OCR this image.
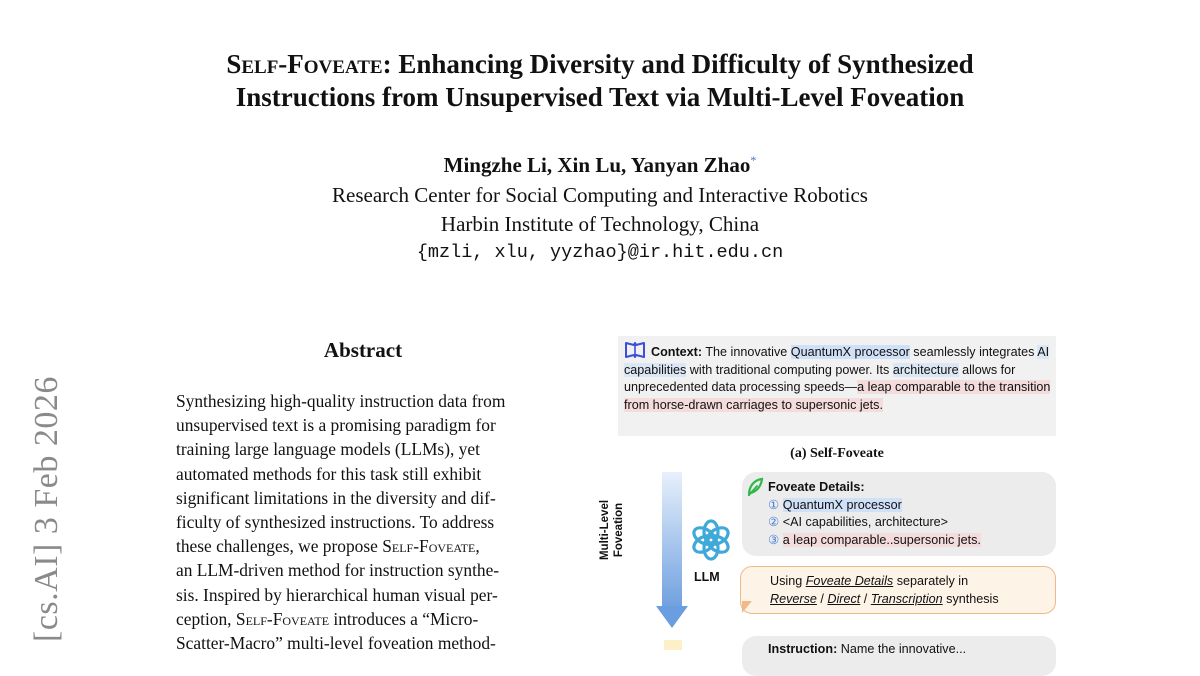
[cs.AI] 3 Feb 2026
Self-Foveate: Enhancing Diversity and Difficulty of Synthesized
Instructions from Unsupervised Text via Multi-Level Foveation
Mingzhe Li, Xin Lu, Yanyan Zhao*
Research Center for Social Computing and Interactive Robotics
Harbin Institute of Technology, China
{mzli, xlu, yyzhao}@ir.hit.edu.cn
Abstract
Synthesizing high-quality instruction data from
unsupervised text is a promising paradigm for
training large language models (LLMs), yet
automated methods for this task still exhibit
significant limitations in the diversity and dif-
ficulty of synthesized instructions. To address
these challenges, we propose Self-Foveate,
an LLM-driven method for instruction synthe-
sis. Inspired by hierarchical human visual per-
ception, Self-Foveate introduces a “Micro-
Scatter-Macro” multi-level foveation method-
Context: The innovative QuantumX processor seamlessly integrates AI capabilities with traditional computing power. Its architecture allows for unprecedented data processing speeds—a leap comparable to the transition from horse-drawn carriages to supersonic jets.
(a) Self-Foveate
Multi-Level Foveation
LLM
Foveate Details:
① QuantumX processor
② <AI capabilities, architecture>
③ a leap comparable..supersonic jets.
Using Foveate Details separately in
Reverse / Direct / Transcription synthesis
Instruction: Name the innovative...
